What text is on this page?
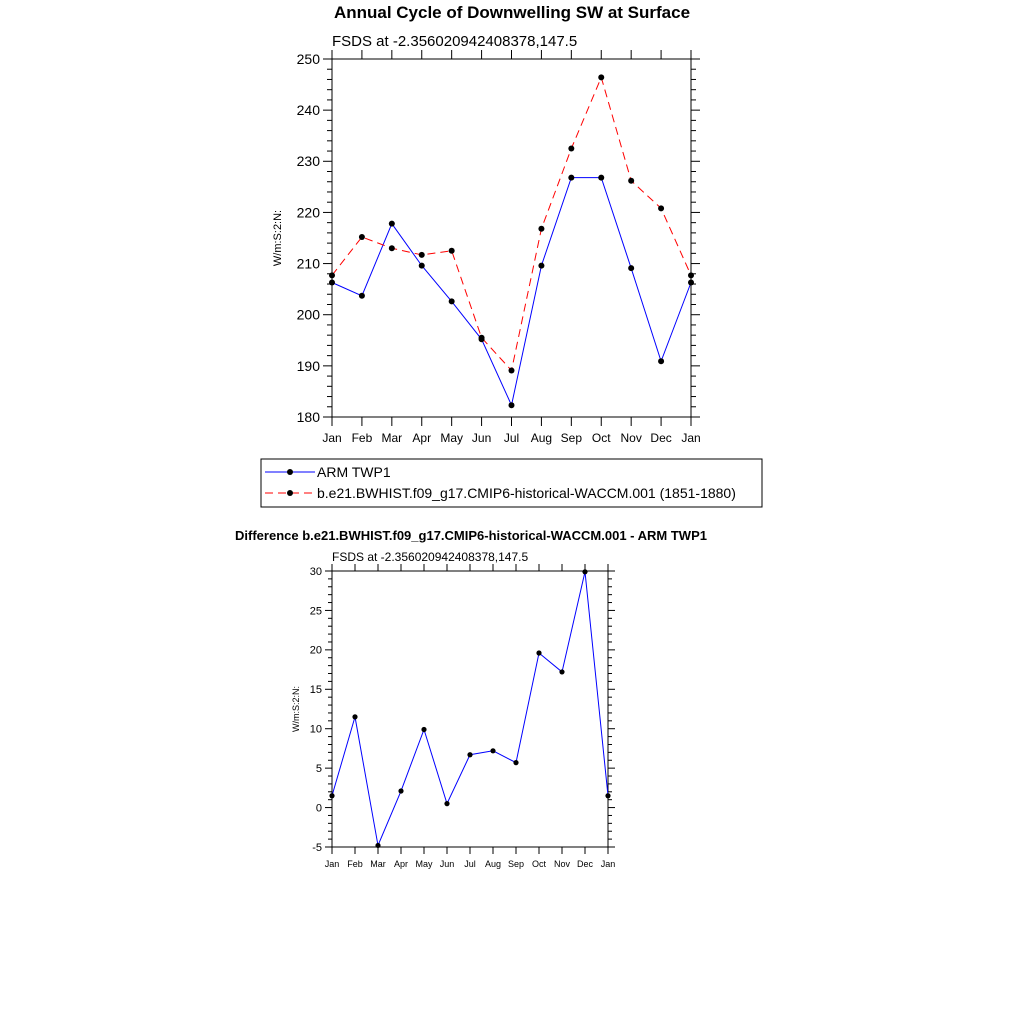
Annual Cycle of Downwelling SW at Surface
FSDS at -2.356020942408378,147.5
W/m:S:2:N:
180
190
200
210
220
230
240
250
Jan Feb Mar Apr May Jun Jul Aug Sep Oct Nov Dec Jan
ARM TWP1
b.e21.BWHIST.f09_g17.CMIP6-historical-WACCM.001 (1851-1880)
Difference b.e21.BWHIST.f09_g17.CMIP6-historical-WACCM.001 - ARM TWP1
FSDS at -2.356020942408378,147.5
W/m:S:2:N:
-5
0
5
10
15
20
25
30
Jan Feb Mar Apr May Jun Jul Aug Sep Oct Nov Dec Jan
